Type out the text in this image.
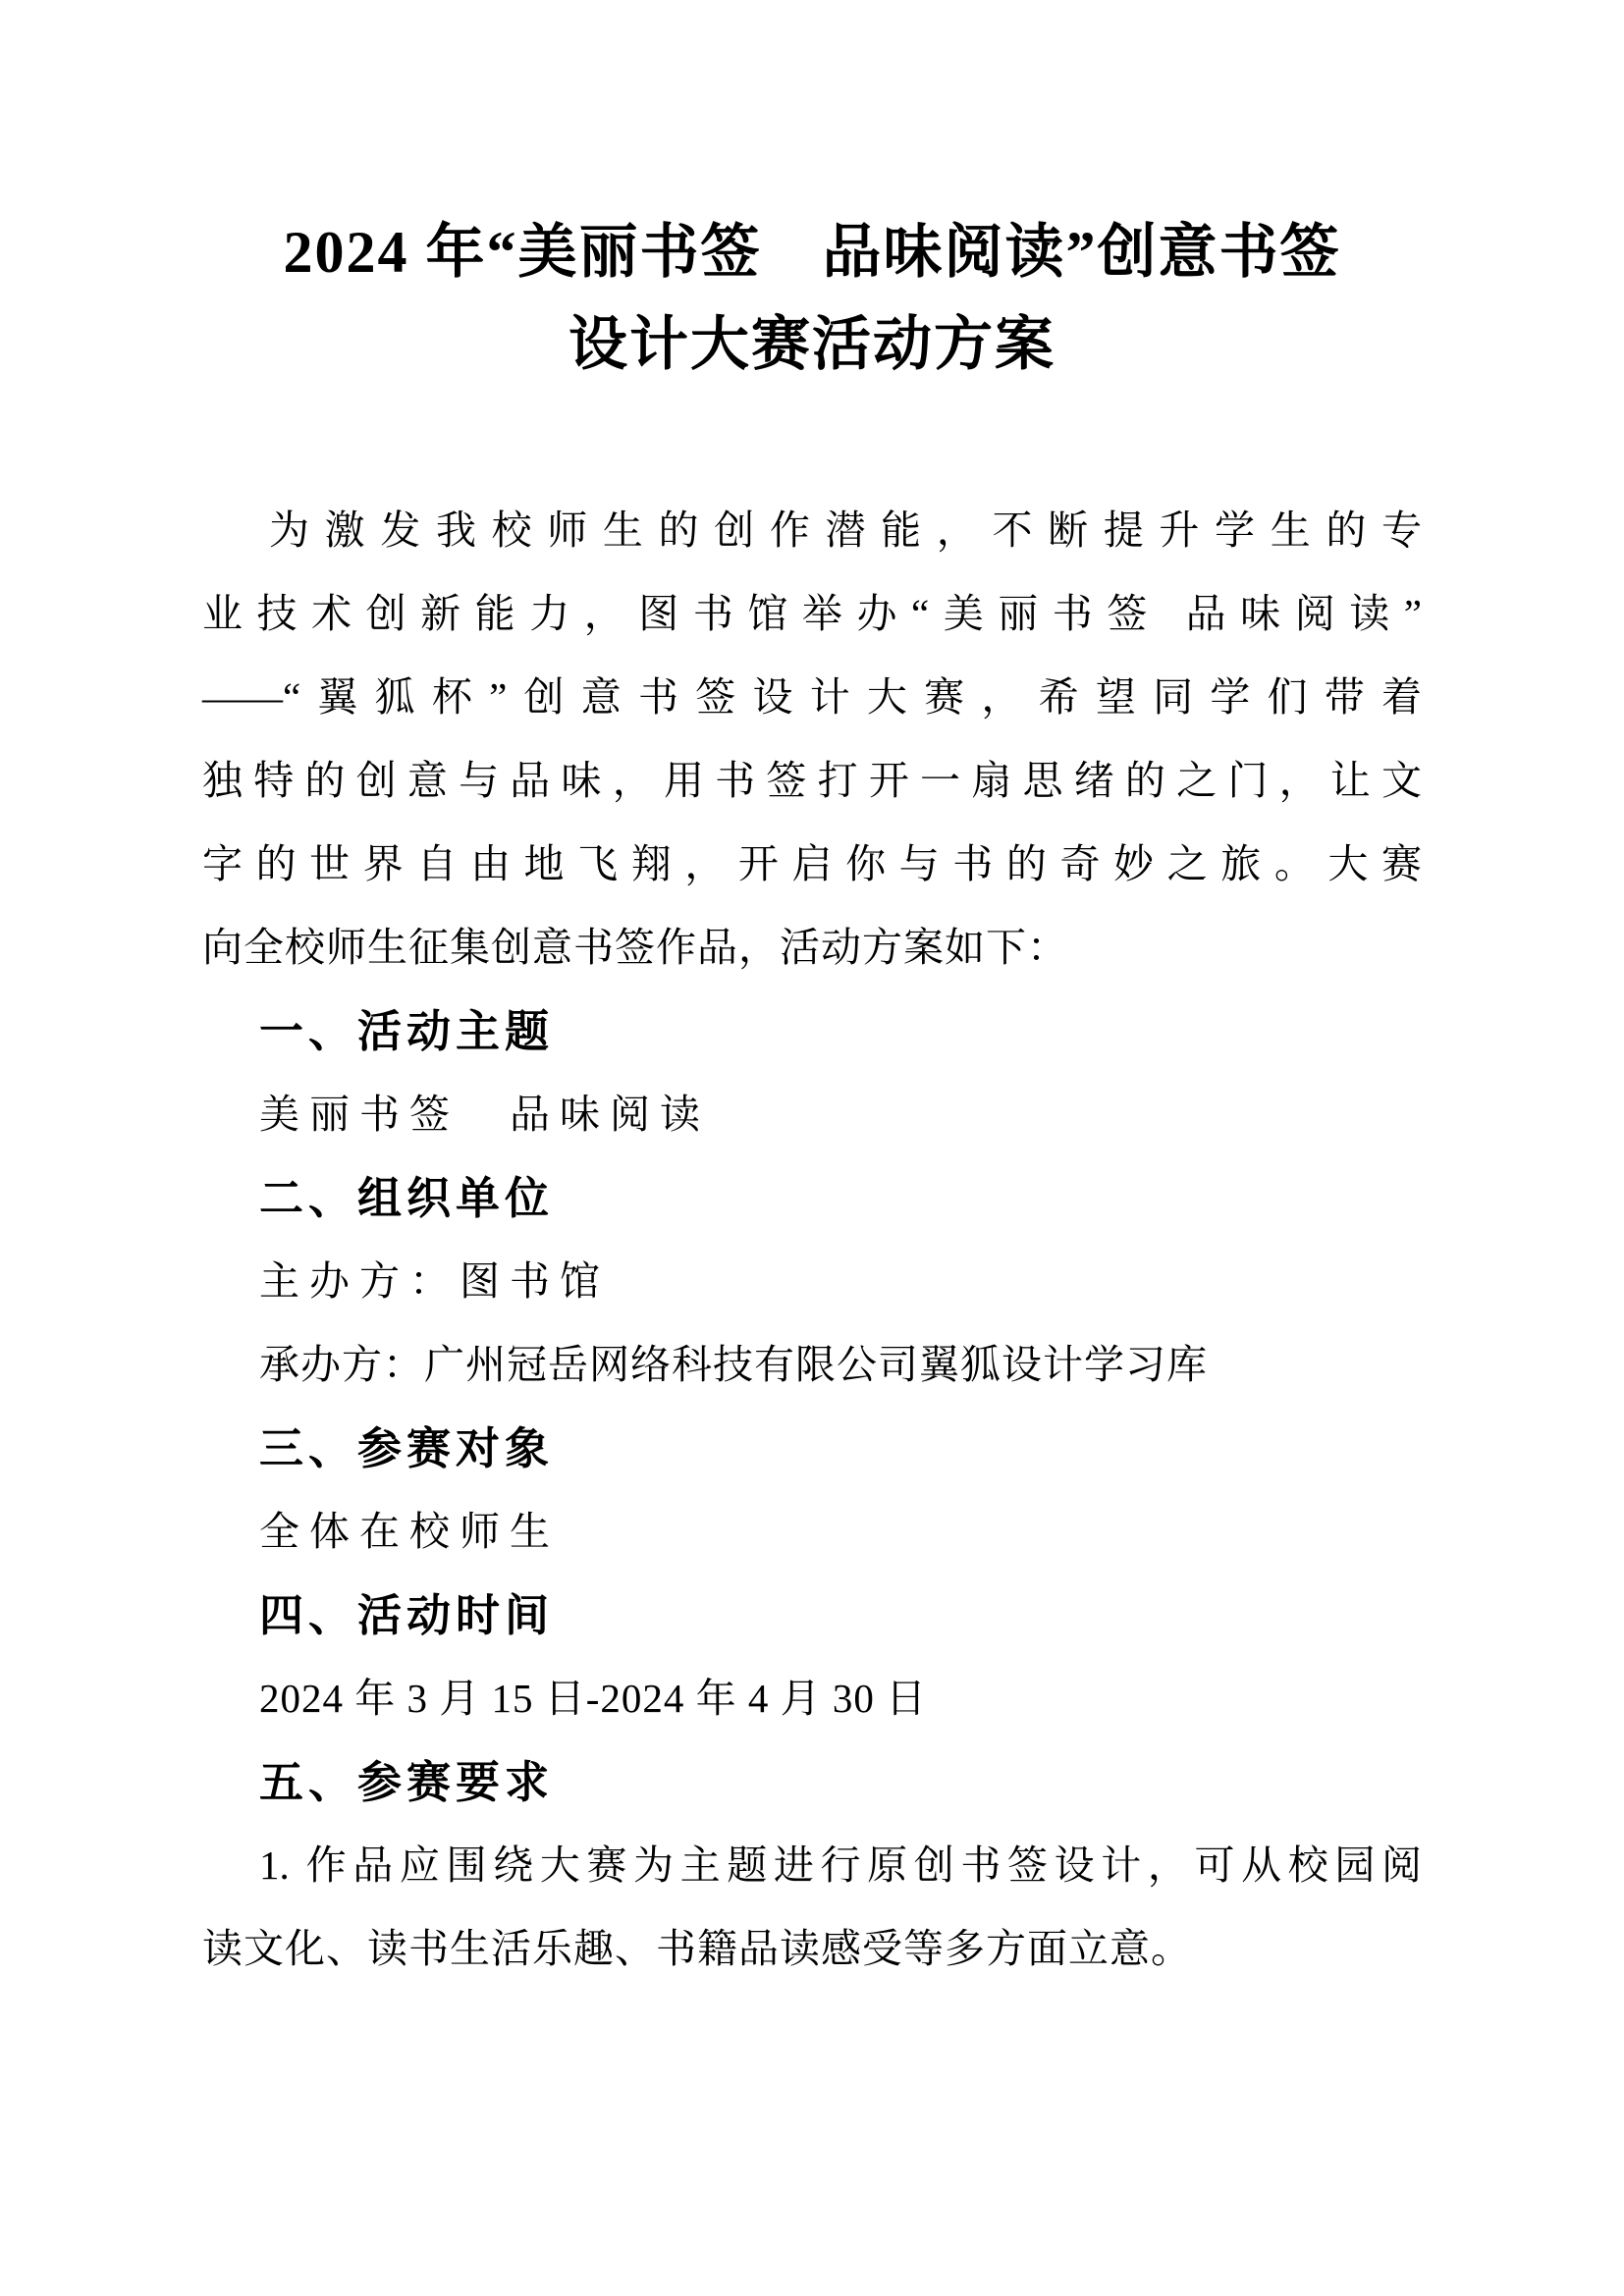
2024 年“美丽书签　品味阅读”创意书签
设计大赛活动方案
为激发我校师生的创作潜能，不断提升学生的专
业技术创新能力，图书馆举办“美丽书签 品味阅读”
——“翼狐杯”创意书签设计大赛，希望同学们带着
独特的创意与品味，用书签打开一扇思绪的之门，让文
字的世界自由地飞翔，开启你与书的奇妙之旅。大赛
向全校师生征集创意书签作品，活动方案如下：
一、活动主题
美丽书签　品味阅读
二、组织单位
主办方：图书馆
承办方：广州冠岳网络科技有限公司翼狐设计学习库
三、参赛对象
全体在校师生
四、活动时间
2024 年 3 月 15 日-2024 年 4 月 30 日
五、参赛要求
1. 作品应围绕大赛为主题进行原创书签设计，可从校园阅
读文化、读书生活乐趣、书籍品读感受等多方面立意。
